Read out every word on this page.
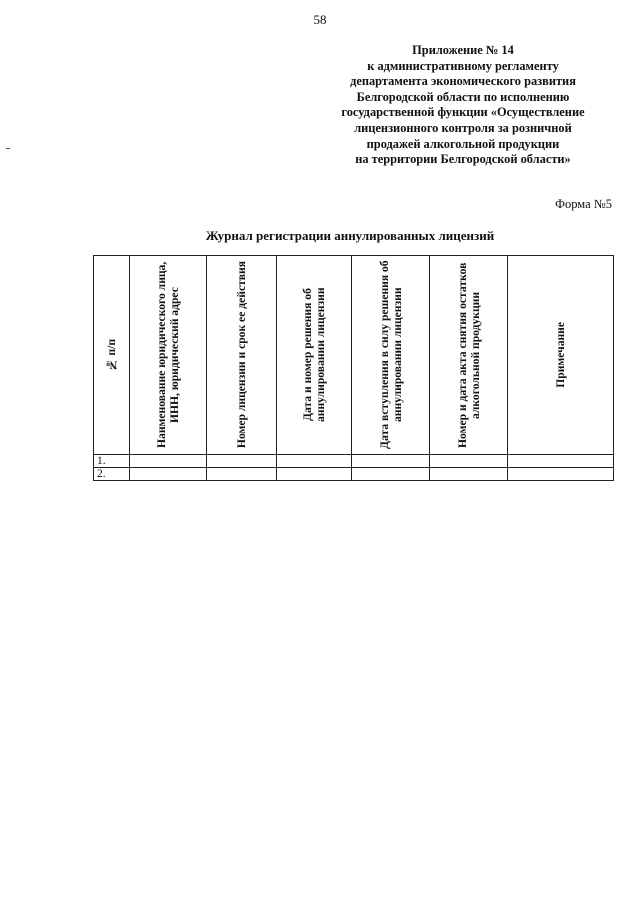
58
Приложение № 14
к административному регламенту
департамента экономического развития
Белгородской области по исполнению
государственной функции «Осуществление
лицензионного контроля за розничной
продажей алкогольной продукции
на территории Белгородской области»
Форма №5
Журнал регистрации аннулированных лицензий
№ п/п	Наименование юридического лица, ИНН, юридический адрес	Номер лицензии и срок ее действия	Дата и номер решения об аннулировании лицензии	Дата вступления в силу решения об аннулировании лицензии	Номер и дата акта снятия остатков алкогольной продукции	Примечание

1.						
2.						
